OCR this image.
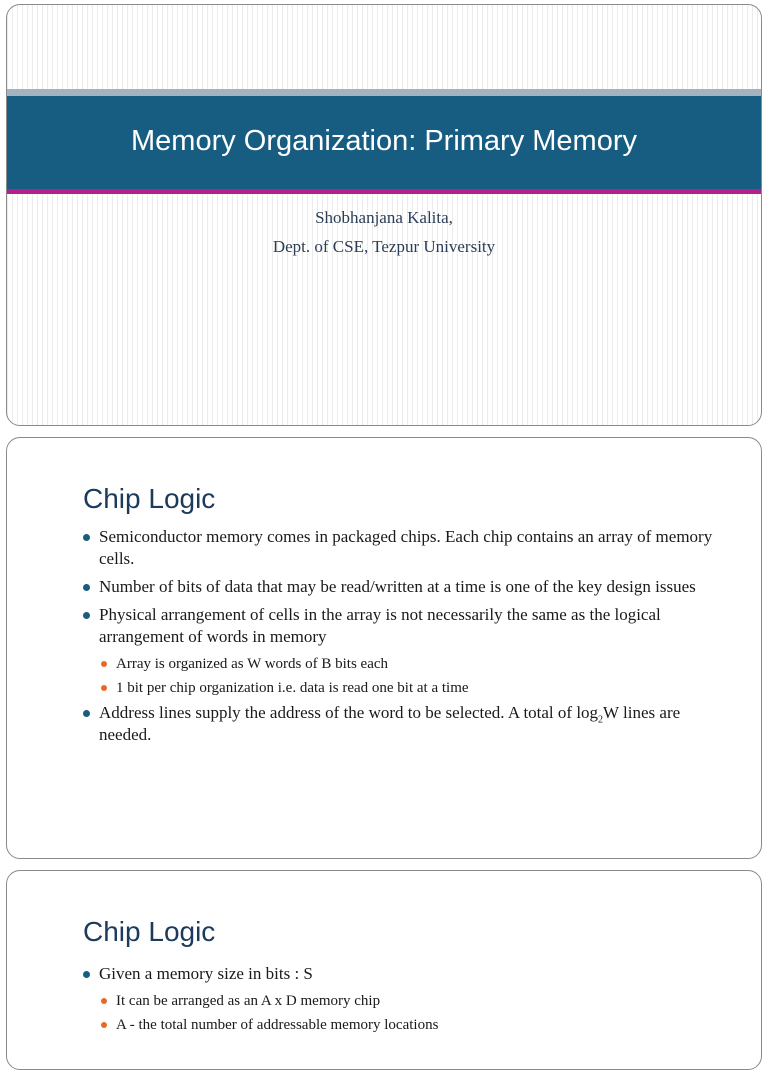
Memory Organization: Primary Memory
Shobhanjana Kalita,
Dept. of CSE, Tezpur University
Chip Logic
Semiconductor memory comes in packaged chips. Each chip contains an array of memory cells.
Number of bits of data that may be read/written at a time is one of the key design issues
Physical arrangement of cells in the array is not necessarily the same as the logical arrangement of words in memory
Array is organized as W words of B bits each
1 bit per chip organization i.e. data is read one bit at a time
Address lines supply the address of the word to be selected. A total of $\log_2W$ lines are needed.
Chip Logic
Given a memory size in bits : S
It can be arranged as an A x D memory chip
A - the total number of addressable memory locations
